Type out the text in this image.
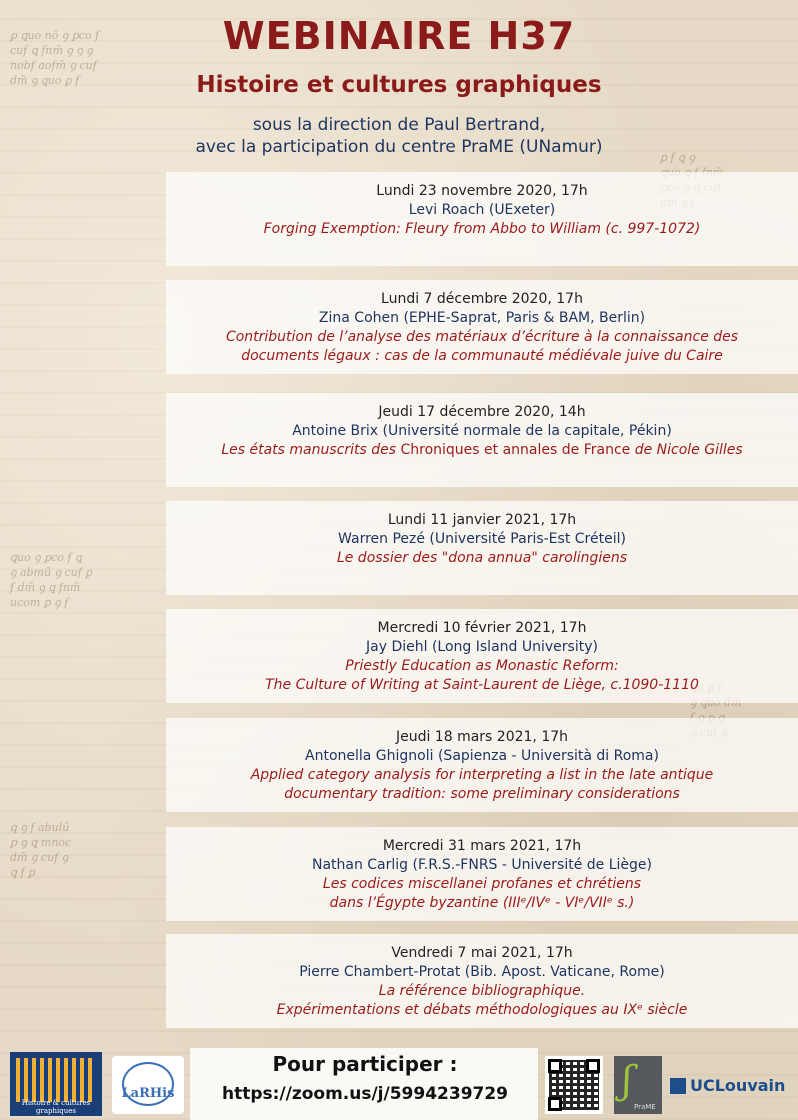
ꝑ ꝗuo nō ꝯ ꝑco ẜ
cuẜ ꝗ fnm̃ ꝯ ꝯ ꝯ
nobẜ aoẜm̃ ꝯ cuẜ
dm̃ ꝯ ꝗuo ꝑ ẜ
ꝑ ẜ ꝗ ꝯ

ꝗuo ꝯ ꝑco ẜ ꝗ
ꝯ abmũ ꝯ cuẜ ꝑ
ẜ dm̃ ꝯ ꝗ fnm̃
ucom ꝑ ꝯ ẜ
ꝗ ꝯ ẜ abulũ
ꝑ ꝯ ꝗ mnoc
dm̃ ꝯ cuẜ ꝯ
ꝗ ẜ ꝑ
WEBINAIRE H37
Histoire et cultures graphiques
sous la direction de Paul Bertrand,
avec la participation du centre PraME (UNamur)
Lundi 23 novembre 2020, 17h
Levi Roach (UExeter)
Forging Exemption: Fleury from Abbo to William (c. 997-1072)
Lundi 7 décembre 2020, 17h
Zina Cohen (EPHE-Saprat, Paris & BAM, Berlin)
Contribution de l’analyse des matériaux d’écriture à la connaissance des
documents légaux : cas de la communauté médiévale juive du Caire
Jeudi 17 décembre 2020, 14h
Antoine Brix (Université normale de la capitale, Pékin)
Les états manuscrits des Chroniques et annales de France de Nicole Gilles
Lundi 11 janvier 2021, 17h
Warren Pezé (Université Paris-Est Créteil)
Le dossier des "dona annua" carolingiens
Mercredi 10 février 2021, 17h
Jay Diehl (Long Island University)
Priestly Education as Monastic Reform:
The Culture of Writing at Saint-Laurent de Liège, c.1090-1110
Jeudi 18 mars 2021, 17h
Antonella Ghignoli (Sapienza - Università di Roma)
Applied category analysis for interpreting a list in the late antique
documentary tradition: some preliminary considerations
Mercredi 31 mars 2021, 17h
Nathan Carlig (F.R.S.-FNRS - Université de Liège)
Les codices miscellanei profanes et chrétiens
dans l’Égypte byzantine (IIIᵉ/IVᵉ - VIᵉ/VIIᵉ s.)
Vendredi 7 mai 2021, 17h
Pierre Chambert-Protat (Bib. Apost. Vaticane, Rome)
La référence bibliographique.
Expérimentations et débats méthodologiques au IXᵉ siècle
Histoire & cultures graphiques
LaRHis
Pour participer :
https://zoom.us/j/5994239729	ʃ
PraME
UCLouvain
